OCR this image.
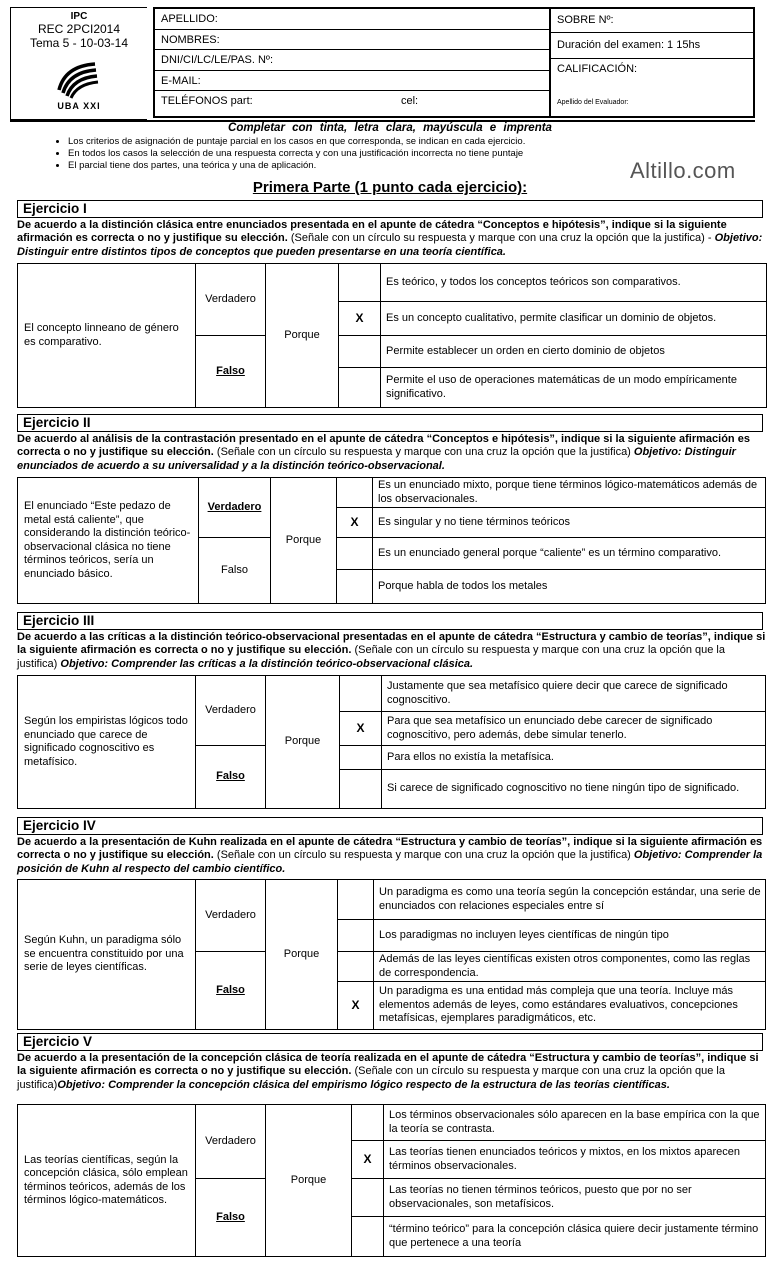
IPC
REC 2PCI2014
Tema 5 - 10-03-14
UBA XXI
APELLIDO:
NOMBRES:
DNI/CI/LC/LE/PAS. Nº:
E-MAIL:
TELÉFONOS part:	cel:
SOBRE Nº:
Duración del examen: 1 15hs
CALIFICACIÓN:
Apellido del Evaluador:
Completar con tinta, letra clara, mayúscula e imprenta
• Los criterios de asignación de puntaje parcial en los casos en que corresponda, se indican en cada ejercicio.
• En todos los casos la selección de una respuesta correcta y con una justificación incorrecta no tiene puntaje
• El parcial tiene dos partes, una teórica y una de aplicación.	Altillo.com
Primera Parte (1 punto cada ejercicio):
Ejercicio I
De acuerdo a la distinción clásica entre enunciados presentada en el apunte de cátedra “Conceptos e hipótesis”, indique si la siguiente afirmación es correcta o no y justifique su elección. (Señale con un círculo su respuesta y marque con una cruz la opción que la justifica) - Objetivo: Distinguir entre distintos tipos de conceptos que pueden presentarse en una teoría científica.
El concepto linneano de género es comparativo.	Verdadero	Porque		Es teórico, y todos los conceptos teóricos son comparativos.
			X	Es un concepto cualitativo, permite clasificar un dominio de objetos.
	Falso			Permite establecer un orden en cierto dominio de objetos
				Permite el uso de operaciones matemáticas de un modo empíricamente significativo.
Ejercicio II
De acuerdo al análisis de la contrastación presentado en el apunte de cátedra “Conceptos e hipótesis”, indique si la siguiente afirmación es correcta o no y justifique su elección. (Señale con un círculo su respuesta y marque con una cruz la opción que la justifica) Objetivo: Distinguir enunciados de acuerdo a su universalidad y a la distinción teórico-observacional.
El enunciado “Este pedazo de metal está caliente”, que considerando la distinción teórico-observacional clásica no tiene términos teóricos, sería un enunciado básico.	Verdadero	Porque		Es un enunciado mixto, porque tiene términos lógico-matemáticos además de los observacionales.
			X	Es singular y no tiene términos teóricos
	Falso			Es un enunciado general porque “caliente” es un término comparativo.
				Porque habla de todos los metales
Ejercicio III
De acuerdo a las críticas a la distinción teórico-observacional presentadas en el apunte de cátedra “Estructura y cambio de teorías”, indique si la siguiente afirmación es correcta o no y justifique su elección. (Señale con un círculo su respuesta y marque con una cruz la opción que la justifica) Objetivo: Comprender las críticas a la distinción teórico-observacional clásica.
Según los empiristas lógicos todo enunciado que carece de significado cognoscitivo es metafísico.	Verdadero	Porque		Justamente que sea metafísico quiere decir que carece de significado cognoscitivo.
			X	Para que sea metafísico un enunciado debe carecer de significado cognoscitivo, pero además, debe simular tenerlo.
	Falso			Para ellos no existía la metafísica.
				Si carece de significado cognoscitivo no tiene ningún tipo de significado.
Ejercicio IV
De acuerdo a la presentación de Kuhn realizada en el apunte de cátedra “Estructura y cambio de teorías”, indique si la siguiente afirmación es correcta o no y justifique su elección. (Señale con un círculo su respuesta y marque con una cruz la opción que la justifica) Objetivo: Comprender la posición de Kuhn al respecto del cambio científico.
Según Kuhn, un paradigma sólo se encuentra constituido por una serie de leyes científicas.	Verdadero	Porque		Un paradigma es como una teoría según la concepción estándar, una serie de enunciados con relaciones especiales entre sí
				Los paradigmas no incluyen leyes científicas de ningún tipo
	Falso			Además de las leyes científicas existen otros componentes, como las reglas de correspondencia.
			X	Un paradigma es una entidad más compleja que una teoría. Incluye más elementos además de leyes, como estándares evaluativos, concepciones metafísicas, ejemplares paradigmáticos, etc.
Ejercicio V
De acuerdo a la presentación de la concepción clásica de teoría realizada en el apunte de cátedra “Estructura y cambio de teorías”, indique si la siguiente afirmación es correcta o no y justifique su elección. (Señale con un círculo su respuesta y marque con una cruz la opción que la justifica)Objetivo: Comprender la concepción clásica del empirismo lógico respecto de la estructura de las teorías científicas.
Las teorías científicas, según la concepción clásica, sólo emplean términos teóricos, además de los términos lógico-matemáticos.	Verdadero	Porque		Los términos observacionales sólo aparecen en la base empírica con la que la teoría se contrasta.
			X	Las teorías tienen enunciados teóricos y mixtos, en los mixtos aparecen términos observacionales.
	Falso			Las teorías no tienen términos teóricos, puesto que por no ser observacionales, son metafísicos.
				“término teórico” para la concepción clásica quiere decir justamente término que pertenece a una teoría
